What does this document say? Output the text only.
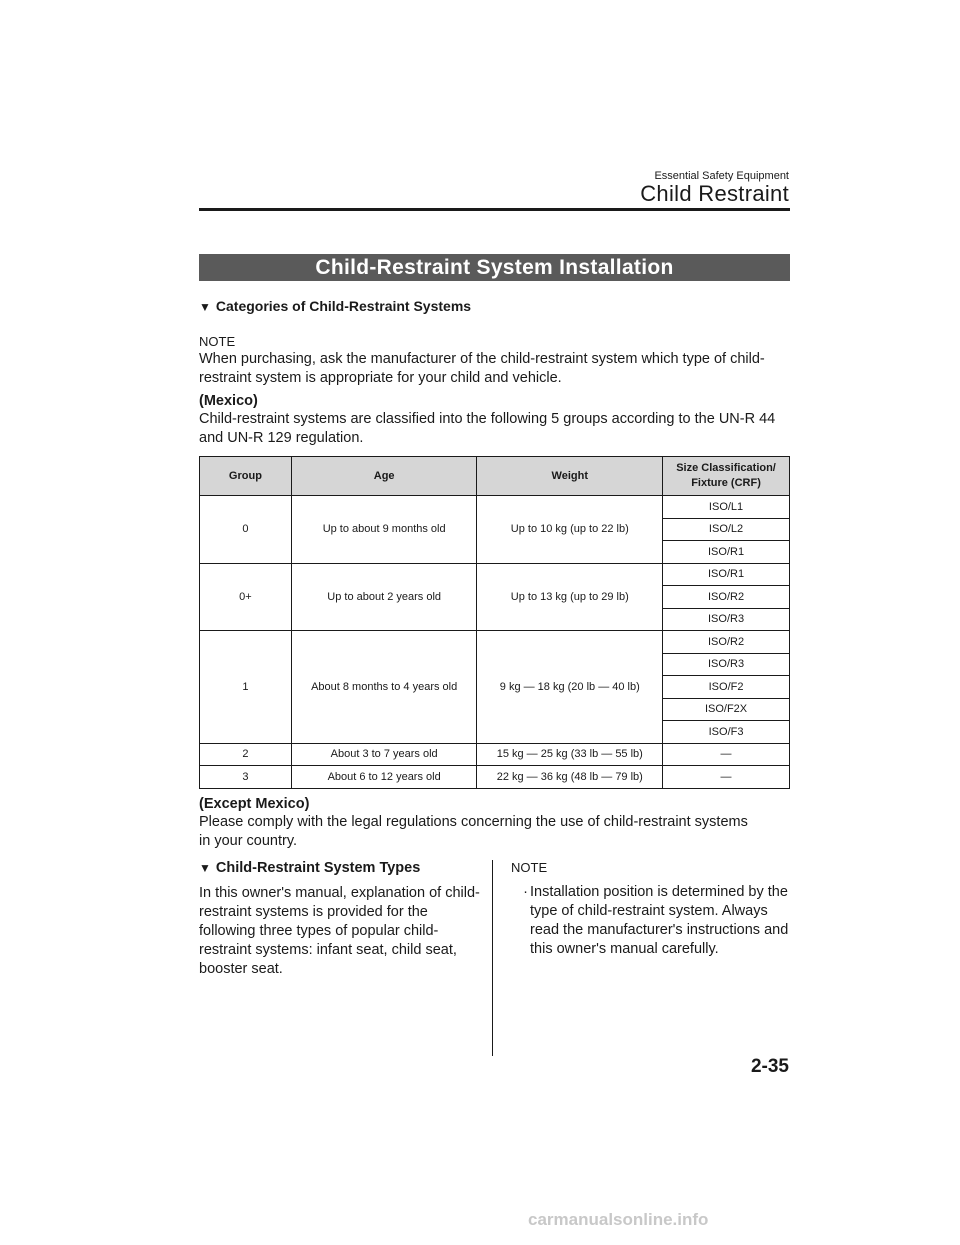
Essential Safety Equipment
Child Restraint
Child-Restraint System Installation
▼ Categories of Child-Restraint Systems
NOTE
When purchasing, ask the manufacturer of the child-restraint system which type of child-restraint system is appropriate for your child and vehicle.
(Mexico)
Child-restraint systems are classified into the following 5 groups according to the UN-R 44 and UN-R 129 regulation.
Group	Age	Weight	Size Classification/
Fixture (CRF)
			ISO/L1
0	Up to about 9 months old	Up to 10 kg (up to 22 lb)	ISO/L2
			ISO/R1
			ISO/R1
0+	Up to about 2 years old	Up to 13 kg (up to 29 lb)	ISO/R2
			ISO/R3
			ISO/R2
			ISO/R3
1	About 8 months to 4 years old	9 kg — 18 kg (20 lb — 40 lb)	ISO/F2
			ISO/F2X
			ISO/F3
2	About 3 to 7 years old	15 kg — 25 kg (33 lb — 55 lb)	—
3	About 6 to 12 years old	22 kg — 36 kg (48 lb — 79 lb)	—
(Except Mexico)
Please comply with the legal regulations concerning the use of child-restraint systems in your country.
▼ Child-Restraint System Types
In this owner's manual, explanation of child-restraint systems is provided for the following three types of popular child-restraint systems: infant seat, child seat, booster seat.
NOTE
· Installation position is determined by the type of child-restraint system. Always read the manufacturer's instructions and this owner's manual carefully.
2-35
carmanualsonline.info
